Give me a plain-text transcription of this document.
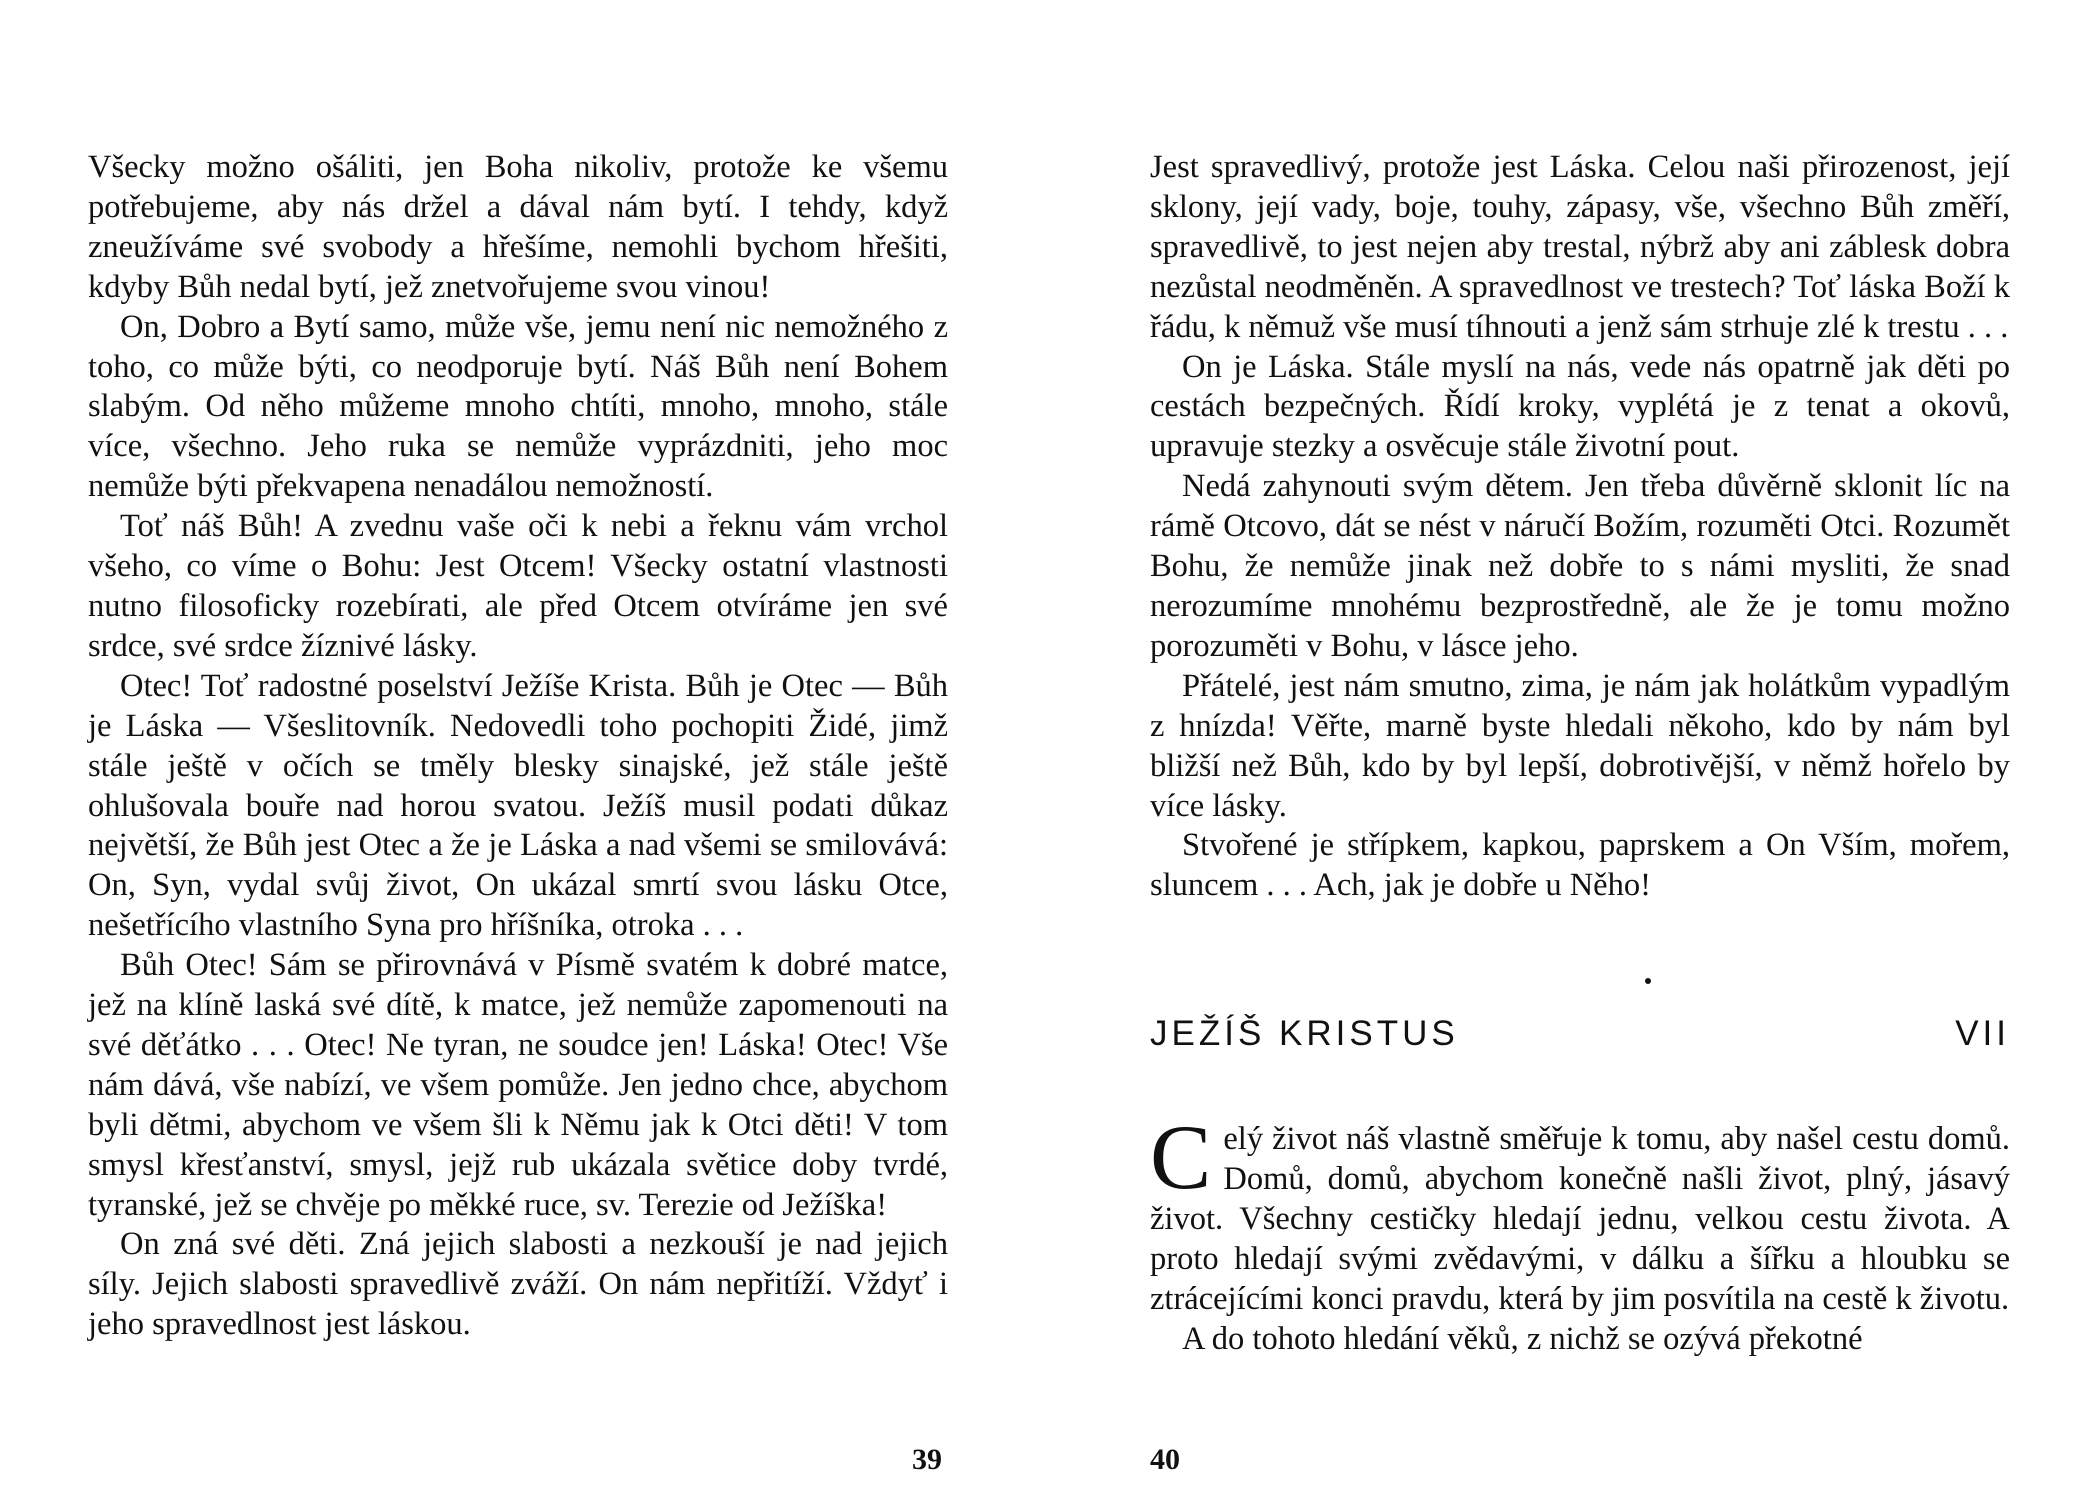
Všecky možno ošáliti, jen Boha nikoliv, protože ke všemu potřebujeme, aby nás držel a dával nám bytí. I tehdy, když zneužíváme své svobody a hřešíme, nemohli bychom hřešiti, kdyby Bůh nedal bytí, jež znetvořujeme svou vinou!

On, Dobro a Bytí samo, může vše, jemu není nic nemožného z toho, co může býti, co neodporuje bytí. Náš Bůh není Bohem slabým. Od něho můžeme mnoho chtíti, mnoho, mnoho, stále více, všechno. Jeho ruka se nemůže vyprázdniti, jeho moc nemůže býti překvapena nenadálou nemožností.

Toť náš Bůh! A zvednu vaše oči k nebi a řeknu vám vrchol všeho, co víme o Bohu: Jest Otcem! Všecky ostatní vlastnosti nutno filosoficky rozebírati, ale před Otcem otvíráme jen své srdce, své srdce žíznivé lásky.

Otec! Toť radostné poselství Ježíše Krista. Bůh je Otec — Bůh je Láska — Všeslitovník. Nedovedli toho pochopiti Židé, jimž stále ještě v očích se tměly blesky sinajské, jež stále ještě ohlušovala bouře nad horou svatou. Ježíš musil podati důkaz největší, že Bůh jest Otec a že je Láska a nad všemi se smilovává: On, Syn, vydal svůj život, On ukázal smrtí svou lásku Otce, nešetřícího vlastního Syna pro hříšníka, otroka . . .

Bůh Otec! Sám se přirovnává v Písmě svatém k dobré matce, jež na klíně laská své dítě, k matce, jež nemůže zapomenouti na své děťátko . . . Otec! Ne tyran, ne soudce jen! Láska! Otec! Vše nám dává, vše nabízí, ve všem pomůže. Jen jedno chce, abychom byli dětmi, abychom ve všem šli k Němu jak k Otci děti! V tom smysl křesťanství, smysl, jejž rub ukázala světice doby tvrdé, tyranské, jež se chvěje po měkké ruce, sv. Terezie od Ježíška!

On zná své děti. Zná jejich slabosti a nezkouší je nad jejich síly. Jejich slabosti spravedlivě zváží. On nám nepřitíží. Vždyť i jeho spravedlnost jest láskou.

39

Jest spravedlivý, protože jest Láska. Celou naši přirozenost, její sklony, její vady, boje, touhy, zápasy, vše, všechno Bůh změří, spravedlivě, to jest nejen aby trestal, nýbrž aby ani záblesk dobra nezůstal neodměněn. A spravedlnost ve trestech? Toť láska Boží k řádu, k němuž vše musí tíhnouti a jenž sám strhuje zlé k trestu . . .

On je Láska. Stále myslí na nás, vede nás opatrně jak děti po cestách bezpečných. Řídí kroky, vyplétá je z tenat a okovů, upravuje stezky a osvěcuje stále životní pout.

Nedá zahynouti svým dětem. Jen třeba důvěrně sklonit líc na rámě Otcovo, dát se nést v náručí Božím, rozuměti Otci. Rozumět Bohu, že nemůže jinak než dobře to s námi mysliti, že snad nerozumíme mnohému bezprostředně, ale že je tomu možno porozuměti v Bohu, v lásce jeho.

Přátelé, jest nám smutno, zima, je nám jak holátkům vypadlým z hnízda! Věřte, marně byste hledali někoho, kdo by nám byl bližší než Bůh, kdo by byl lepší, dobrotivější, v němž hořelo by více lásky.

Stvořené je střípkem, kapkou, paprskem a On Vším, mořem, sluncem . . . Ach, jak je dobře u Něho!

JEŽÍŠ KRISTUS	VII

Celý život náš vlastně směřuje k tomu, aby našel cestu domů. Domů, domů, abychom konečně našli život, plný, jásavý život. Všechny cestičky hledají jednu, velkou cestu života. A proto hledají svými zvědavými, v dálku a šířku a hloubku se ztrácejícími konci pravdu, která by jim posvítila na cestě k životu.

A do tohoto hledání věků, z nichž se ozývá překotné

40
